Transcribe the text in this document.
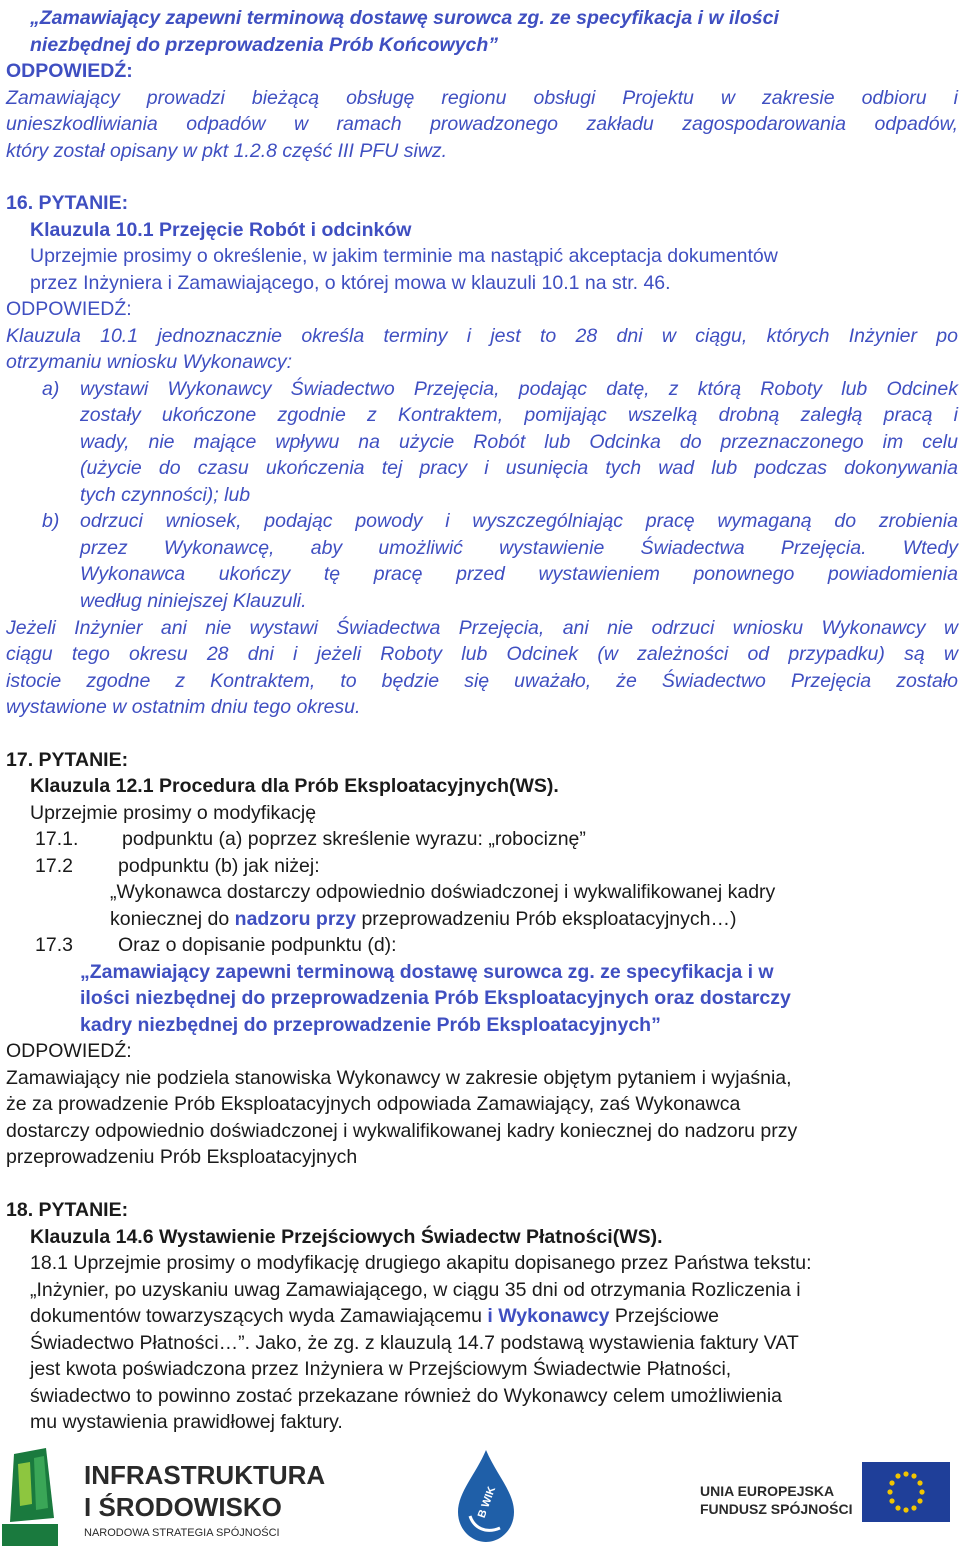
„Zamawiający zapewni terminową dostawę surowca zg. ze specyfikacja i w ilości
niezbędnej do przeprowadzenia Prób Końcowych”
ODPOWIEDŹ:
Zamawiający prowadzi bieżącą obsługę regionu obsługi Projektu w zakresie odbioru i
unieszkodliwiania odpadów w ramach prowadzonego zakładu zagospodarowania odpadów,
który został opisany w pkt 1.2.8 część III PFU siwz.
16. PYTANIE:
Klauzula 10.1 Przejęcie Robót i odcinków
Uprzejmie prosimy o określenie, w jakim terminie ma nastąpić akceptacja dokumentów
przez Inżyniera i Zamawiającego, o której mowa w klauzuli 10.1 na str. 46.
ODPOWIEDŹ:
Klauzula 10.1 jednoznacznie określa terminy i jest to 28 dni w ciągu, których Inżynier po
otrzymaniu wniosku Wykonawcy:
a) wystawi Wykonawcy Świadectwo Przejęcia, podając datę, z którą Roboty lub Odcinek
zostały ukończone zgodnie z Kontraktem, pomijając wszelką drobną zaległą pracą i
wady, nie mające wpływu na użycie Robót lub Odcinka do przeznaczonego im celu
(użycie do czasu ukończenia tej pracy i usunięcia tych wad lub podczas dokonywania
tych czynności); lub
b) odrzuci wniosek, podając powody i wyszczególniając pracę wymaganą do zrobienia
przez Wykonawcę, aby umożliwić wystawienie Świadectwa Przejęcia. Wtedy
Wykonawca ukończy tę pracę przed wystawieniem ponownego powiadomienia
według niniejszej Klauzuli.
Jeżeli Inżynier ani nie wystawi Świadectwa Przejęcia, ani nie odrzuci wniosku Wykonawcy w
ciągu tego okresu 28 dni i jeżeli Roboty lub Odcinek (w zależności od przypadku) są w
istocie zgodne z Kontraktem, to będzie się uważało, że Świadectwo Przejęcia zostało
wystawione w ostatnim dniu tego okresu.
17. PYTANIE:
Klauzula 12.1 Procedura dla Prób Eksploatacyjnych(WS).
Uprzejmie prosimy o modyfikację
17.1. podpunktu (a) poprzez skreślenie wyrazu: „robociznę”
17.2 podpunktu (b) jak niżej:
„Wykonawca dostarczy odpowiednio doświadczonej i wykwalifikowanej kadry
koniecznej do nadzoru przy przeprowadzeniu Prób eksploatacyjnych…)
17.3 Oraz o dopisanie podpunktu (d):
„Zamawiający zapewni terminową dostawę surowca zg. ze specyfikacja i w
ilości niezbędnej do przeprowadzenia Prób Eksploatacyjnych oraz dostarczy
kadry niezbędnej do przeprowadzenie Prób Eksploatacyjnych”
ODPOWIEDŹ:
Zamawiający nie podziela stanowiska Wykonawcy w zakresie objętym pytaniem i wyjaśnia,
że za prowadzenie Prób Eksploatacyjnych odpowiada Zamawiający, zaś Wykonawca
dostarczy odpowiednio doświadczonej i wykwalifikowanej kadry koniecznej do nadzoru przy
przeprowadzeniu Prób Eksploatacyjnych
18. PYTANIE:
Klauzula 14.6 Wystawienie Przejściowych Świadectw Płatności(WS).
18.1 Uprzejmie prosimy o modyfikację drugiego akapitu dopisanego przez Państwa tekstu:
„Inżynier, po uzyskaniu uwag Zamawiającego, w ciągu 35 dni od otrzymania Rozliczenia i
dokumentów towarzyszących wyda Zamawiającemu i Wykonawcy Przejściowe
Świadectwo Płatności…”. Jako, że zg. z klauzulą 14.7 podstawą wystawienia faktury VAT
jest kwota poświadczona przez Inżyniera w Przejściowym Świadectwie Płatności,
świadectwo to powinno zostać przekazane również do Wykonawcy celem umożliwienia
mu wystawienia prawidłowej faktury.
INFRASTRUKTURA
I ŚRODOWISKO
NARODOWA STRATEGIA SPÓJNOŚCI
B WIK	UNIA EUROPEJSKA
FUNDUSZ SPÓJNOŚCI
